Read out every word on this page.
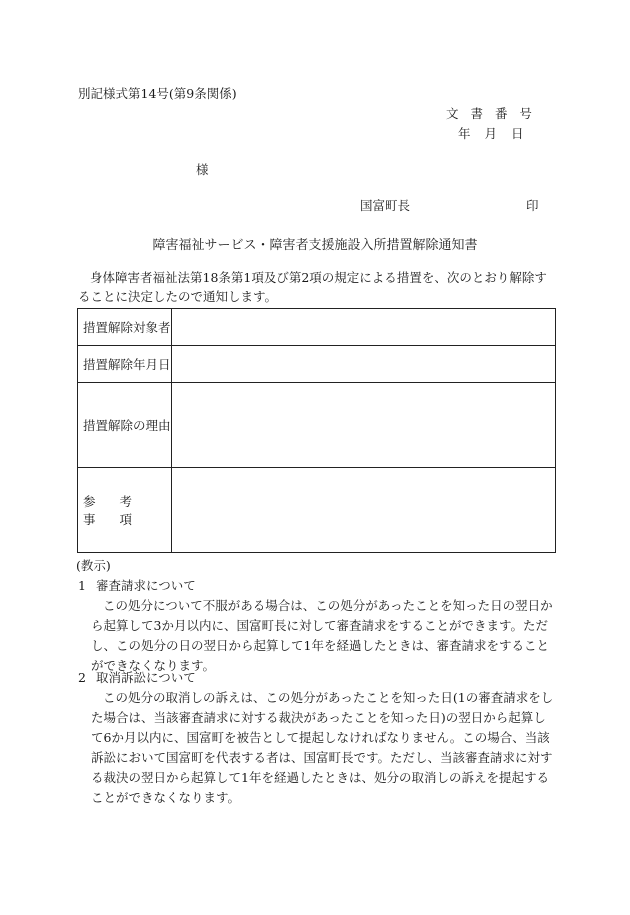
別記様式第14号(第9条関係)
文 書 番 号
年 月 日
様
国富町長	印
障害福祉サービス・障害者支援施設入所措置解除通知書
身体障害者福祉法第18条第1項及び第2項の規定による措置を、次のとおり解除することに決定したので通知します。
措置解除対象者	
措置解除年月日	
措置解除の理由	
参 考 事 項	
(教示)
1 審査請求について
この処分について不服がある場合は、この処分があったことを知った日の翌日から起算して3か月以内に、国富町長に対して審査請求をすることができます。ただし、この処分の日の翌日から起算して1年を経過したときは、審査請求をすることができなくなります。
2 取消訴訟について
この処分の取消しの訴えは、この処分があったことを知った日(1の審査請求をした場合は、当該審査請求に対する裁決があったことを知った日)の翌日から起算して6か月以内に、国富町を被告として提起しなければなりません。この場合、当該訴訟において国富町を代表する者は、国富町長です。ただし、当該審査請求に対する裁決の翌日から起算して1年を経過したときは、処分の取消しの訴えを提起することができなくなります。
